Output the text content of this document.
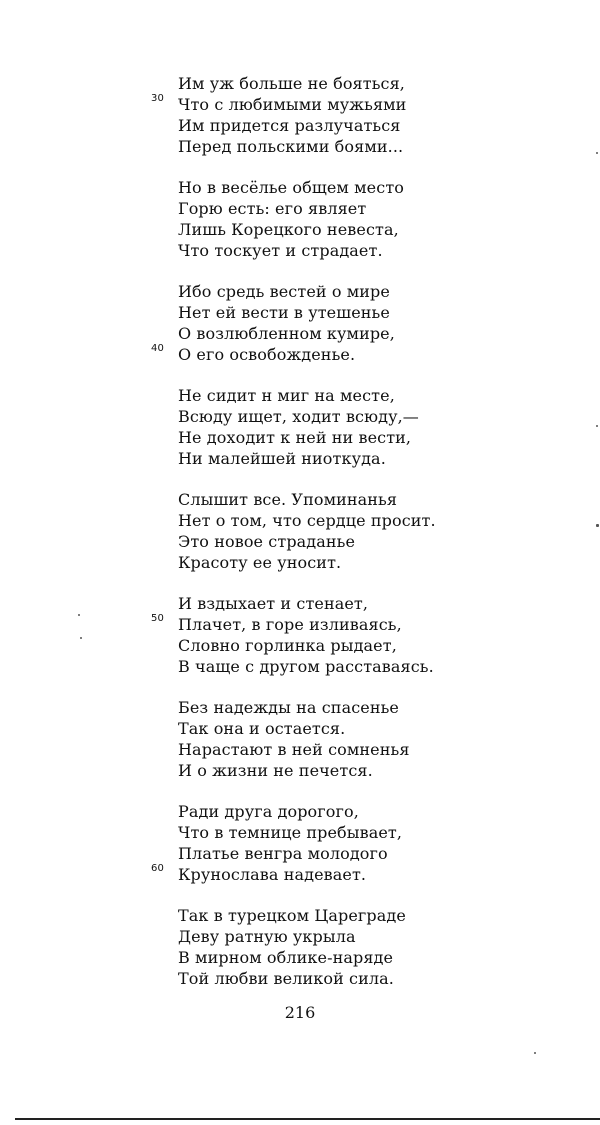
Им уж больше не бояться,
30 Что с любимыми мужьями
Им придется разлучаться
Перед польскими боями...
Но в весёлье общем место
Горю есть: его являет
Лишь Корецкого невеста,
Что тоскует и страдает.
Ибо средь вестей о мире
Нет ей вести в утешенье
О возлюбленном кумире,
40 О его освобожденье.
Не сидит н миг на месте,
Всюду ищет, ходит всюду,—
Не доходит к ней ни вести,
Ни малейшей ниоткуда.
Слышит все. Упоминанья
Нет о том, что сердце просит.
Это новое страданье
Красоту ее уносит.
И вздыхает и стенает,
50 Плачет, в горе изливаясь,
Словно горлинка рыдает,
В чаще с другом расставаясь.
Без надежды на спасенье
Так она и остается.
Нарастают в ней сомненья
И о жизни не печется.
Ради друга дорогого,
Что в темнице пребывает,
Платье венгра молодого
60 Крунослава надевает.
Так в турецком Цареграде
Деву ратную укрыла
В мирном облике-наряде
Той любви великой сила.
216
